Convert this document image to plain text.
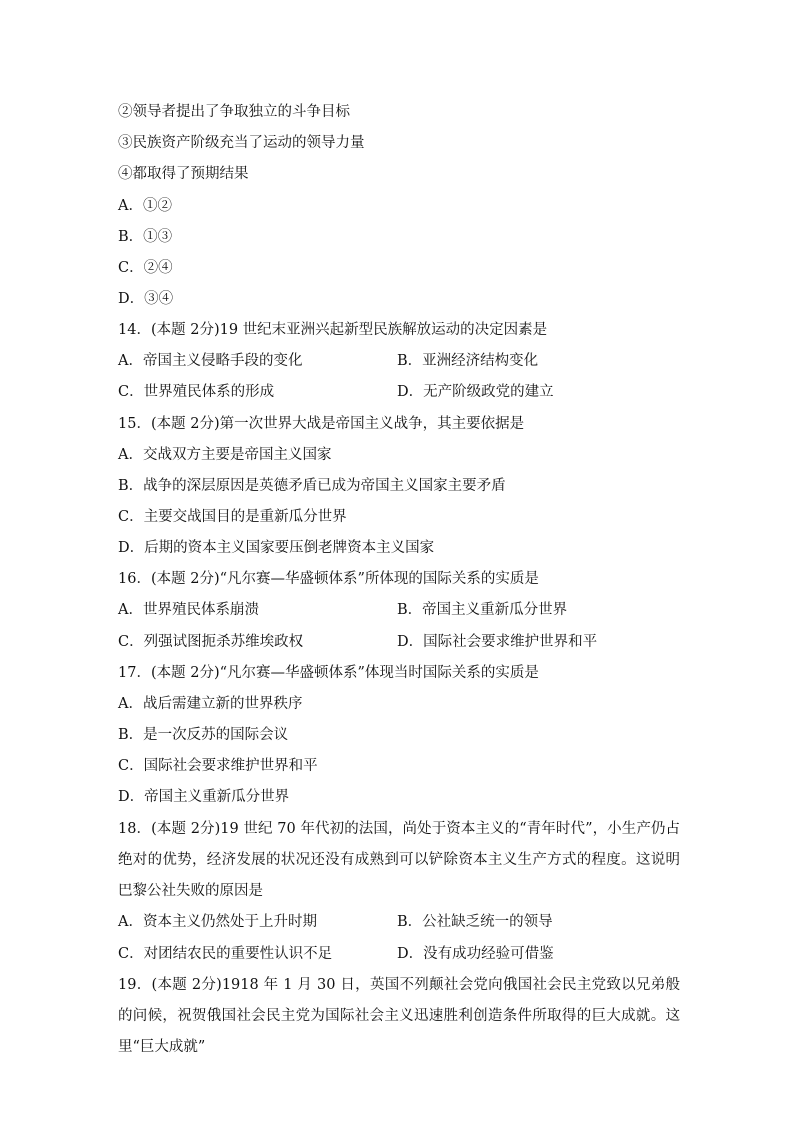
②领导者提出了争取独立的斗争目标
③民族资产阶级充当了运动的领导力量
④都取得了预期结果
A．①②
B．①③
C．②④
D．③④
14．(本题 2分)19 世纪末亚洲兴起新型民族解放运动的决定因素是
A．帝国主义侵略手段的变化	B．亚洲经济结构变化
C．世界殖民体系的形成	D．无产阶级政党的建立
15．(本题 2分)第一次世界大战是帝国主义战争，其主要依据是
A．交战双方主要是帝国主义国家
B．战争的深层原因是英德矛盾已成为帝国主义国家主要矛盾
C．主要交战国目的是重新瓜分世界
D．后期的资本主义国家要压倒老牌资本主义国家
16．(本题 2分)“凡尔赛—华盛顿体系”所体现的国际关系的实质是
A．世界殖民体系崩溃	B．帝国主义重新瓜分世界
C．列强试图扼杀苏维埃政权	D．国际社会要求维护世界和平
17．(本题 2分)“凡尔赛—华盛顿体系”体现当时国际关系的实质是
A．战后需建立新的世界秩序
B．是一次反苏的国际会议
C．国际社会要求维护世界和平
D．帝国主义重新瓜分世界
18．(本题 2分)19 世纪 70 年代初的法国，尚处于资本主义的“青年时代”，小生产仍占绝对的优势，经济发展的状况还没有成熟到可以铲除资本主义生产方式的程度。这说明巴黎公社失败的原因是
A．资本主义仍然处于上升时期	B．公社缺乏统一的领导
C．对团结农民的重要性认识不足	D．没有成功经验可借鉴
19．(本题 2分)1918 年 1 月 30 日，英国不列颠社会党向俄国社会民主党致以兄弟般的问候，祝贺俄国社会民主党为国际社会主义迅速胜利创造条件所取得的巨大成就。这里“巨大成就”
